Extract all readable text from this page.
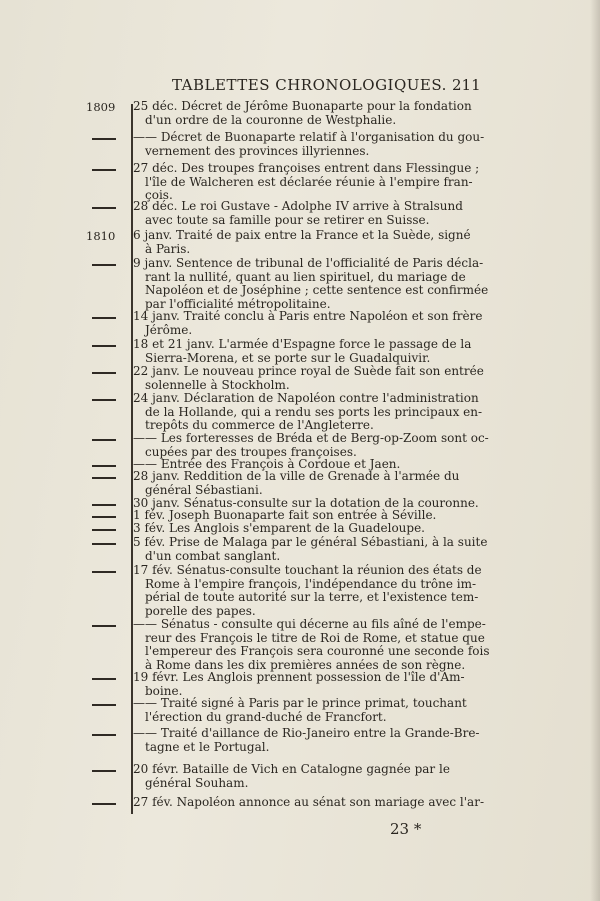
TABLETTES CHRONOLOGIQUES. 211
1809	25 déc. Décret de Jérôme Buonaparte pour la fondation
d'un ordre de la couronne de Westphalie.
—— Décret de Buonaparte relatif à l'organisation du gou-
vernement des provinces illyriennes.
27 déc. Des troupes françoises entrent dans Flessingue ;
l'île de Walcheren est déclarée réunie à l'empire fran-
çois.
28 déc. Le roi Gustave - Adolphe IV arrive à Stralsund
avec toute sa famille pour se retirer en Suisse.
1810	6 janv. Traité de paix entre la France et la Suède, signé
à Paris.
9 janv. Sentence de tribunal de l'officialité de Paris décla-
rant la nullité, quant au lien spirituel, du mariage de
Napoléon et de Joséphine ; cette sentence est confirmée
par l'officialité métropolitaine.
14 janv. Traité conclu à Paris entre Napoléon et son frère
Jérôme.
18 et 21 janv. L'armée d'Espagne force le passage de la
Sierra-Morena, et se porte sur le Guadalquivir.
22 janv. Le nouveau prince royal de Suède fait son entrée
solennelle à Stockholm.
24 janv. Déclaration de Napoléon contre l'administration
de la Hollande, qui a rendu ses ports les principaux en-
trepôts du commerce de l'Angleterre.
—— Les forteresses de Bréda et de Berg-op-Zoom sont oc-
cupées par des troupes françoises.
—— Entrée des François à Cordoue et Jaen.
28 janv. Reddition de la ville de Grenade à l'armée du
général Sébastiani.
30 janv. Sénatus-consulte sur la dotation de la couronne.
1 fév. Joseph Buonaparte fait son entrée à Séville.
3 fév. Les Anglois s'emparent de la Guadeloupe.
5 fév. Prise de Malaga par le général Sébastiani, à la suite
d'un combat sanglant.
17 fév. Sénatus-consulte touchant la réunion des états de
Rome à l'empire françois, l'indépendance du trône im-
périal de toute autorité sur la terre, et l'existence tem-
porelle des papes.
—— Sénatus - consulte qui décerne au fils aîné de l'empe-
reur des François le titre de Roi de Rome, et statue que
l'empereur des François sera couronné une seconde fois
à Rome dans les dix premières années de son règne.
19 févr. Les Anglois prennent possession de l'île d'Am-
boine.
—— Traité signé à Paris par le prince primat, touchant
l'érection du grand-duché de Francfort.
—— Traité d'aillance de Rio-Janeiro entre la Grande-Bre-
tagne et le Portugal.
20 févr. Bataille de Vich en Catalogne gagnée par le
général Souham.
27 fév. Napoléon annonce au sénat son mariage avec l'ar-
23 *
